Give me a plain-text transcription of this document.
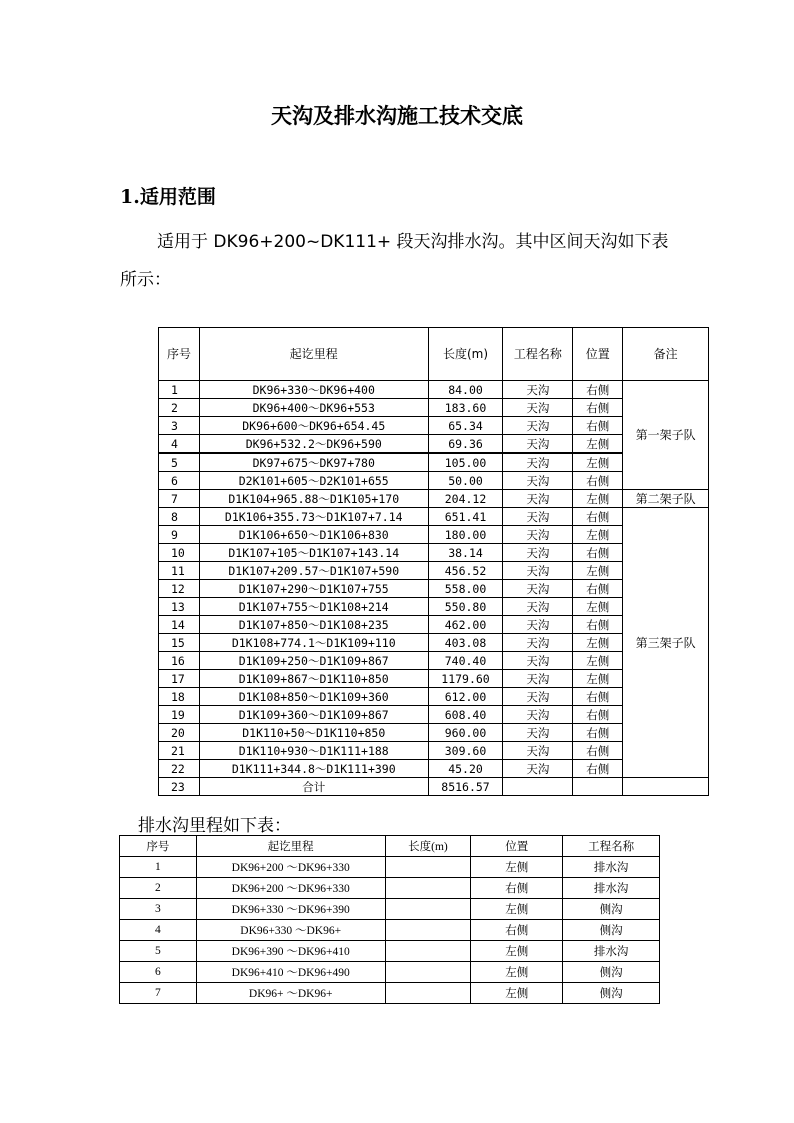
天沟及排水沟施工技术交底
1.适用范围
适用于 DK96+200~DK111+ 段天沟排水沟。其中区间天沟如下表
所示：
序号	起讫里程	长度(m)	工程名称	位置	备注
1	DK96+330～DK96+400	84.00	天沟	右侧	第一架子队
2	DK96+400～DK96+553	183.60	天沟	右侧	
3	DK96+600～DK96+654.45	65.34	天沟	右侧	
4	DK96+532.2～DK96+590	69.36	天沟	左侧	
5	DK97+675～DK97+780	105.00	天沟	左侧	
6	D2K101+605～D2K101+655	50.00	天沟	右侧	
7	D1K104+965.88～D1K105+170	204.12	天沟	左侧	第二架子队
8	D1K106+355.73～D1K107+7.14	651.41	天沟	右侧	第三架子队
9	D1K106+650～D1K106+830	180.00	天沟	左侧	
10	D1K107+105～D1K107+143.14	38.14	天沟	右侧	
11	D1K107+209.57～D1K107+590	456.52	天沟	左侧	
12	D1K107+290～D1K107+755	558.00	天沟	右侧	
13	D1K107+755～D1K108+214	550.80	天沟	左侧	
14	D1K107+850～D1K108+235	462.00	天沟	右侧	
15	D1K108+774.1～D1K109+110	403.08	天沟	左侧	
16	D1K109+250～D1K109+867	740.40	天沟	左侧	
17	D1K109+867～D1K110+850	1179.60	天沟	左侧	
18	D1K108+850～D1K109+360	612.00	天沟	右侧	
19	D1K109+360～D1K109+867	608.40	天沟	右侧	
20	D1K110+50～D1K110+850	960.00	天沟	右侧	
21	D1K110+930～D1K111+188	309.60	天沟	右侧	
22	D1K111+344.8～D1K111+390	45.20	天沟	右侧	
23	合计	8516.57			
排水沟里程如下表：
序号	起讫里程	长度(m)	位置	工程名称
1	DK96+200 ～DK96+330		左侧	排水沟
2	DK96+200 ～DK96+330		右侧	排水沟
3	DK96+330 ～DK96+390		左侧	侧沟
4	DK96+330 ～DK96+		右侧	侧沟
5	DK96+390 ～DK96+410		左侧	排水沟
6	DK96+410 ～DK96+490		左侧	侧沟
7	DK96+ ～DK96+		左侧	侧沟
